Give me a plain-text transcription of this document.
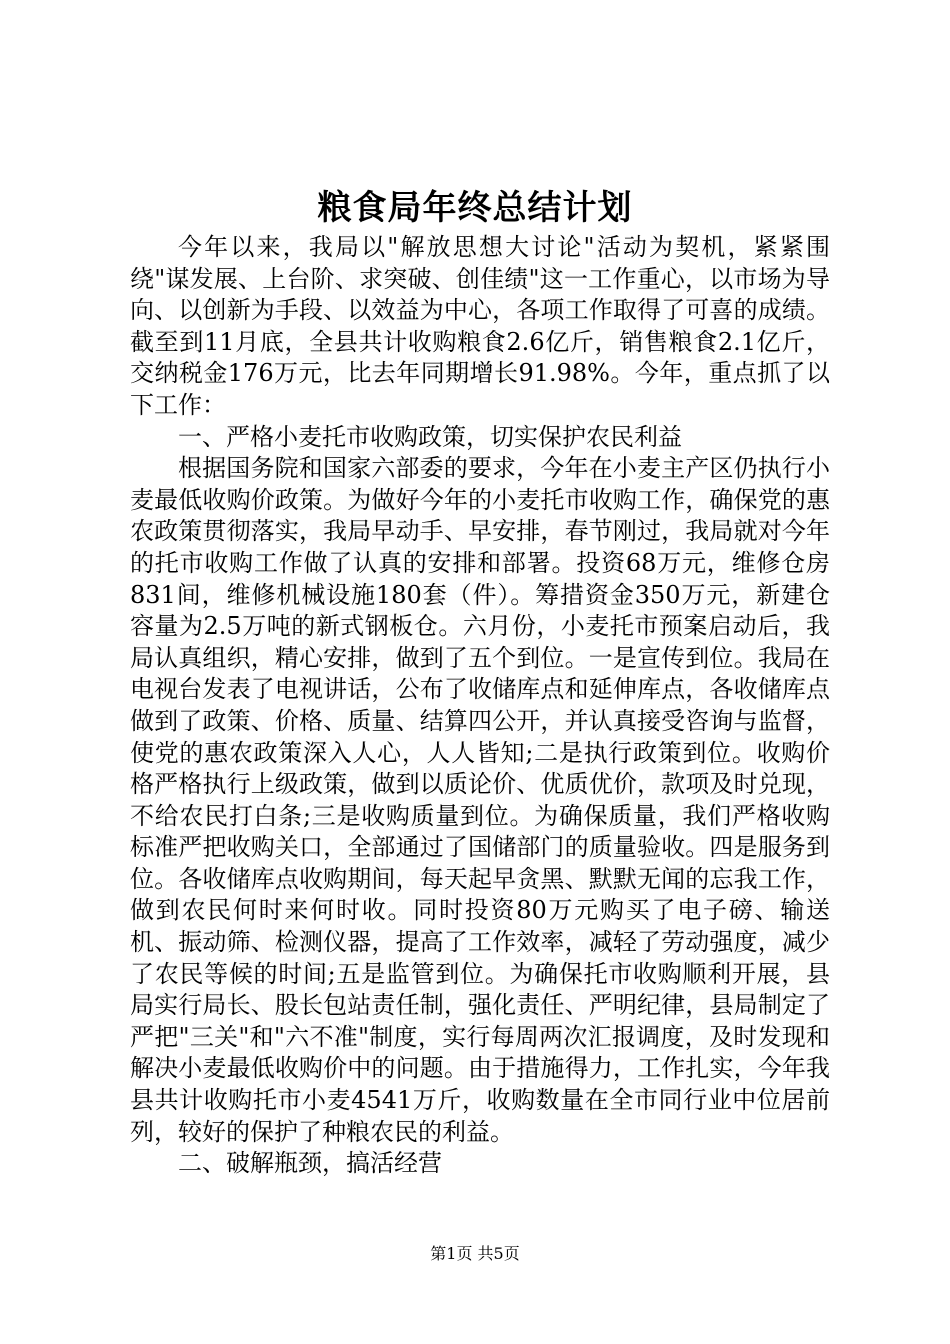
粮食局年终总结计划

今年以来，我局以"解放思想大讨论"活动为契机，紧紧围绕"谋发展、上台阶、求突破、创佳绩"这一工作重心，以市场为导向、以创新为手段、以效益为中心，各项工作取得了可喜的成绩。截至到11月底，全县共计收购粮食2.6亿斤，销售粮食2.1亿斤，交纳税金176万元，比去年同期增长91.98%。今年，重点抓了以下工作：

一、严格小麦托市收购政策，切实保护农民利益

根据国务院和国家六部委的要求，今年在小麦主产区仍执行小麦最低收购价政策。为做好今年的小麦托市收购工作，确保党的惠农政策贯彻落实，我局早动手、早安排，春节刚过，我局就对今年的托市收购工作做了认真的安排和部署。投资68万元，维修仓房831间，维修机械设施180套（件）。筹措资金350万元，新建仓容量为2.5万吨的新式钢板仓。六月份，小麦托市预案启动后，我局认真组织，精心安排，做到了五个到位。一是宣传到位。我局在电视台发表了电视讲话，公布了收储库点和延伸库点，各收储库点做到了政策、价格、质量、结算四公开，并认真接受咨询与监督，使党的惠农政策深入人心，人人皆知;二是执行政策到位。收购价格严格执行上级政策，做到以质论价、优质优价，款项及时兑现，不给农民打白条;三是收购质量到位。为确保质量，我们严格收购标准严把收购关口，全部通过了国储部门的质量验收。四是服务到位。各收储库点收购期间，每天起早贪黑、默默无闻的忘我工作，做到农民何时来何时收。同时投资80万元购买了电子磅、输送机、振动筛、检测仪器，提高了工作效率，减轻了劳动强度，减少了农民等候的时间;五是监管到位。为确保托市收购顺利开展，县局实行局长、股长包站责任制，强化责任、严明纪律，县局制定了严把"三关"和"六不准"制度，实行每周两次汇报调度，及时发现和解决小麦最低收购价中的问题。由于措施得力，工作扎实，今年我县共计收购托市小麦4541万斤，收购数量在全市同行业中位居前列，较好的保护了种粮农民的利益。

二、破解瓶颈，搞活经营

第1页 共5页
